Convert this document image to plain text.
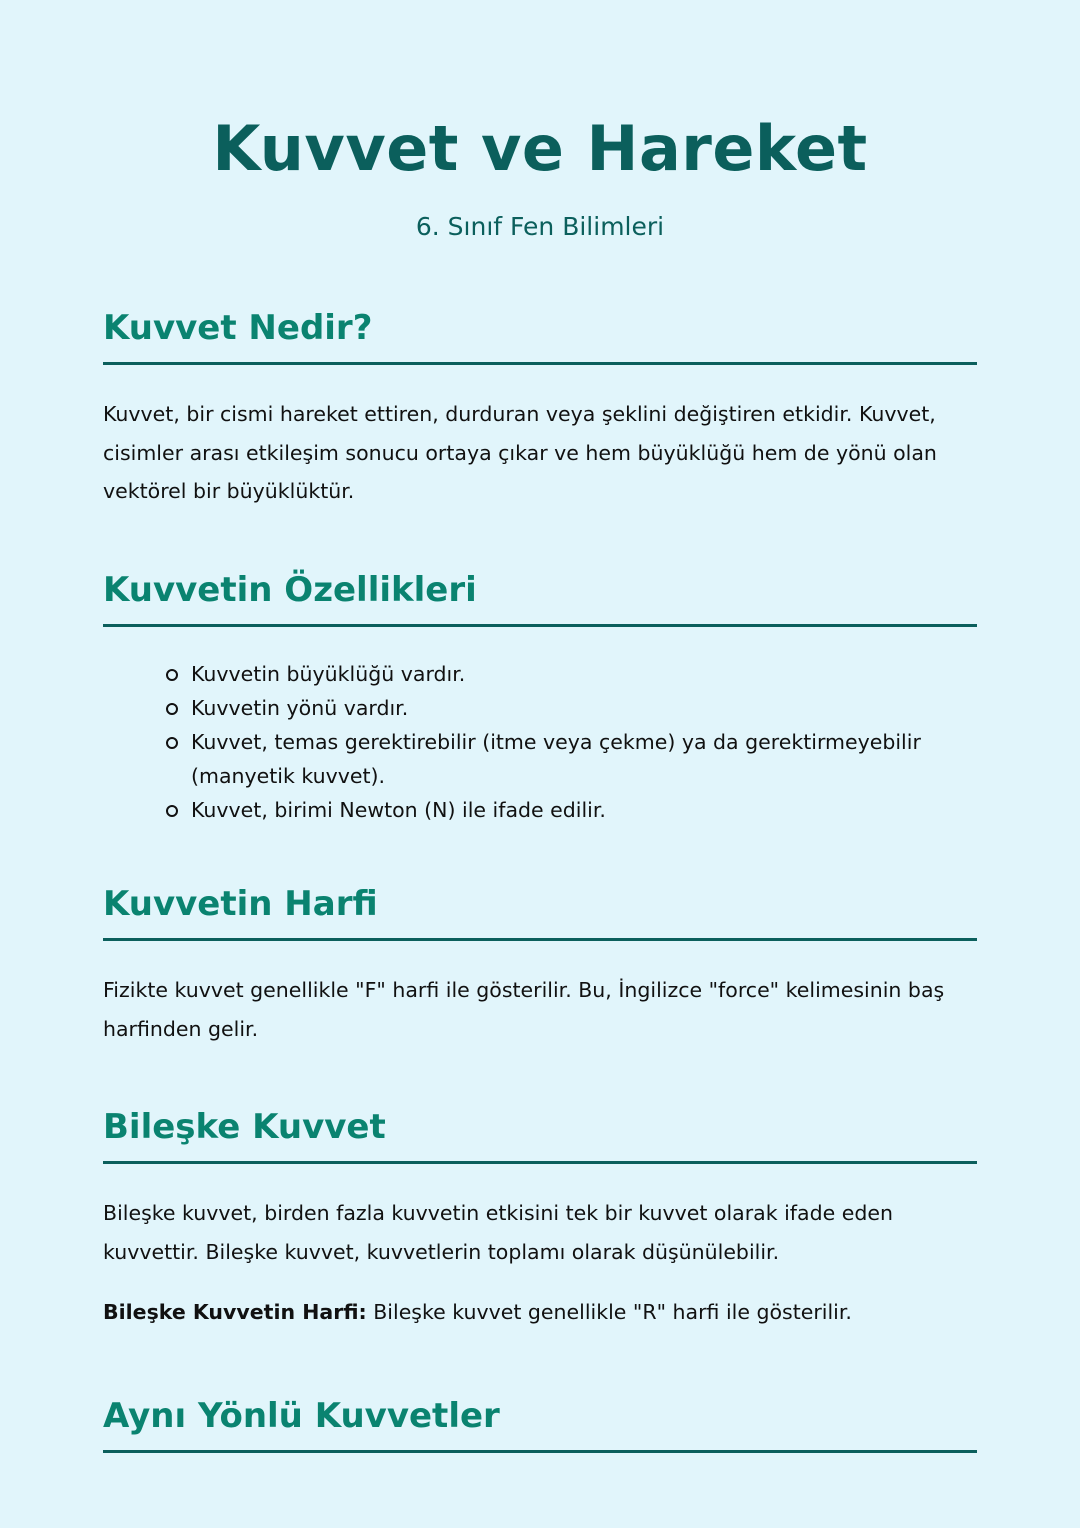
Kuvvet ve Hareket

6. Sınıf Fen Bilimleri

Kuvvet Nedir?

Kuvvet, bir cismi hareket ettiren, durduran veya şeklini değiştiren etkidir. Kuvvet, cisimler arası etkileşim sonucu ortaya çıkar ve hem büyüklüğü hem de yönü olan vektörel bir büyüklüktür.

Kuvvetin Özellikleri
Kuvvetin büyüklüğü vardır.
Kuvvetin yönü vardır.
Kuvvet, temas gerektirebilir (itme veya çekme) ya da gerektirmeyebilir (manyetik kuvvet).
Kuvvet, birimi Newton (N) ile ifade edilir.
Kuvvetin Harfi

Fizikte kuvvet genellikle "F" harfi ile gösterilir. Bu, İngilizce "force" kelimesinin baş harfinden gelir.

Bileşke Kuvvet

Bileşke kuvvet, birden fazla kuvvetin etkisini tek bir kuvvet olarak ifade eden kuvvettir. Bileşke kuvvet, kuvvetlerin toplamı olarak düşünülebilir.

Bileşke Kuvvetin Harfi: Bileşke kuvvet genellikle "R" harfi ile gösterilir.

Aynı Yönlü Kuvvetler
